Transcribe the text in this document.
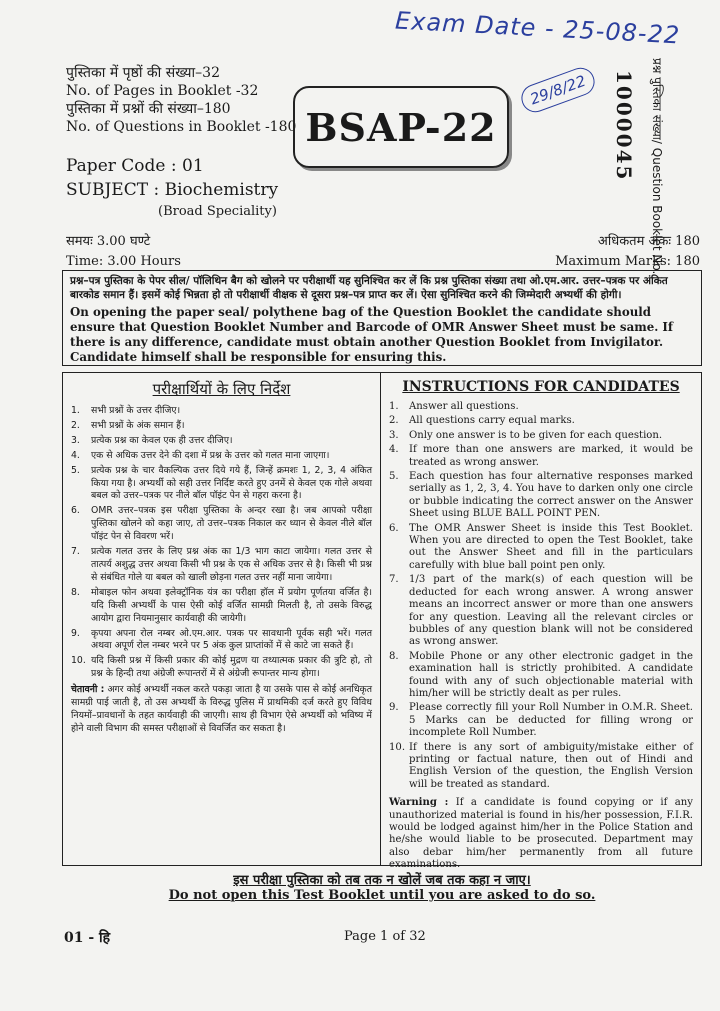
Exam Date - 25-08-22
29/8/22
पुस्तिका में पृष्ठों की संख्या–32
No. of Pages in Booklet -32
पुस्तिका में प्रश्नों की संख्या–180
No. of Questions in Booklet -180
Paper Code : 01
SUBJECT : Biochemistry
(Broad Speciality)
BSAP-22	1000045 प्रश्न पुस्तिका संख्या/ Question Booklet No.
समयः 3.00 घण्टे
Time: 3.00 Hours
अधिकतम अंकः 180
Maximum Marks: 180
प्रश्न–पत्र पुस्तिका के पेपर सील/ पॉलिथिन बैग को खोलने पर परीक्षार्थी यह सुनिश्चित कर लें कि प्रश्न पुस्तिका संख्या तथा ओ.एम.आर. उत्तर–पत्रक पर अंकित बारकोड समान हैं। इसमें कोई भिन्नता हो तो परीक्षार्थी वीक्षक से दूसरा प्रश्न–पत्र प्राप्त कर लें। ऐसा सुनिश्चित करने की जिम्मेदारी अभ्यर्थी की होगी।
On opening the paper seal/ polythene bag of the Question Booklet the candidate should ensure that Question Booklet Number and Barcode of OMR Answer Sheet must be same. If there is any difference, candidate must obtain another Question Booklet from Invigilator. Candidate himself shall be responsible for ensuring this.
परीक्षार्थियों के लिए निर्देश
1.	सभी प्रश्नों के उत्तर दीजिए।
2.	सभी प्रश्नों के अंक समान हैं।
3.	प्रत्येक प्रश्न का केवल एक ही उत्तर दीजिए।
4.	एक से अधिक उत्तर देने की दशा में प्रश्न के उत्तर को गलत माना जाएगा।
5.	प्रत्येक प्रश्न के चार वैकल्पिक उत्तर दिये गये हैं, जिन्हें क्रमशः 1, 2, 3, 4 अंकित किया गया है। अभ्यर्थी को सही उत्तर निर्दिष्ट करते हुए उनमें से केवल एक गोले अथवा बबल को उत्तर–पत्रक पर नीले बॉल पॉइंट पेन से गहरा करना है।
6.	OMR उत्तर–पत्रक इस परीक्षा पुस्तिका के अन्दर रखा है। जब आपको परीक्षा पुस्तिका खोलने को कहा जाए, तो उत्तर–पत्रक निकाल कर ध्यान से केवल नीले बॉल पॉइंट पेन से विवरण भरें।
7.	प्रत्येक गलत उत्तर के लिए प्रश्न अंक का 1/3 भाग काटा जायेगा। गलत उत्तर से तात्पर्य अशुद्ध उत्तर अथवा किसी भी प्रश्न के एक से अधिक उत्तर से है। किसी भी प्रश्न से संबंधित गोले या बबल को खाली छोड़ना गलत उत्तर नहीं माना जायेगा।
8.	मोबाइल फोन अथवा इलेक्ट्रॉनिक यंत्र का परीक्षा हॉल में प्रयोग पूर्णतया वर्जित है। यदि किसी अभ्यर्थी के पास ऐसी कोई वर्जित सामग्री मिलती है, तो उसके विरुद्ध आयोग द्वारा नियमानुसार कार्यवाही की जायेगी।
9.	कृपया अपना रोल नम्बर ओ.एम.आर. पत्रक पर सावधानी पूर्वक सही भरें। गलत अथवा अपूर्ण रोल नम्बर भरने पर 5 अंक कुल प्राप्तांकों में से काटे जा सकते हैं।
10. यदि किसी प्रश्न में किसी प्रकार की कोई मुद्रण या तथ्यात्मक प्रकार की त्रुटि हो, तो प्रश्न के हिन्दी तथा अंग्रेजी रूपान्तरों में से अंग्रेजी रूपान्तर मान्य होगा।
चेतावनी : अगर कोई अभ्यर्थी नकल करते पकड़ा जाता है या उसके पास से कोई अनधिकृत सामग्री पाई जाती है, तो उस अभ्यर्थी के विरुद्ध पुलिस में प्राथमिकी दर्ज करते हुए विविध नियमों–प्रावधानों के तहत कार्यवाही की जाएगी। साथ ही विभाग ऐसे अभ्यर्थी को भविष्य में होने वाली विभाग की समस्त परीक्षाओं से विवर्जित कर सकता है।
INSTRUCTIONS FOR CANDIDATES
1.	Answer all questions.
2.	All questions carry equal marks.
3.	Only one answer is to be given for each question.
4.	If more than one answers are marked, it would be treated as wrong answer.
5.	Each question has four alternative responses marked serially as 1, 2, 3, 4. You have to darken only one circle or bubble indicating the correct answer on the Answer Sheet using BLUE BALL POINT PEN.
6.	The OMR Answer Sheet is inside this Test Booklet. When you are directed to open the Test Booklet, take out the Answer Sheet and fill in the particulars carefully with blue ball point pen only.
7.	1/3 part of the mark(s) of each question will be deducted for each wrong answer. A wrong answer means an incorrect answer or more than one answers for any question. Leaving all the relevant circles or bubbles of any question blank will not be considered as wrong answer.
8.	Mobile Phone or any other electronic gadget in the examination hall is strictly prohibited. A candidate found with any of such objectionable material with him/her will be strictly dealt as per rules.
9.	Please correctly fill your Roll Number in O.M.R. Sheet. 5 Marks can be deducted for filling wrong or incomplete Roll Number.
10. If there is any sort of ambiguity/mistake either of printing or factual nature, then out of Hindi and English Version of the question, the English Version will be treated as standard.
Warning : If a candidate is found copying or if any unauthorized material is found in his/her possession, F.I.R. would be lodged against him/her in the Police Station and he/she would liable to be prosecuted. Department may also debar him/her permanently from all future examinations.
इस परीक्षा पुस्तिका को तब तक न खोलें जब तक कहा न जाए।
Do not open this Test Booklet until you are asked to do so.
01 - हि	Page 1 of 32
